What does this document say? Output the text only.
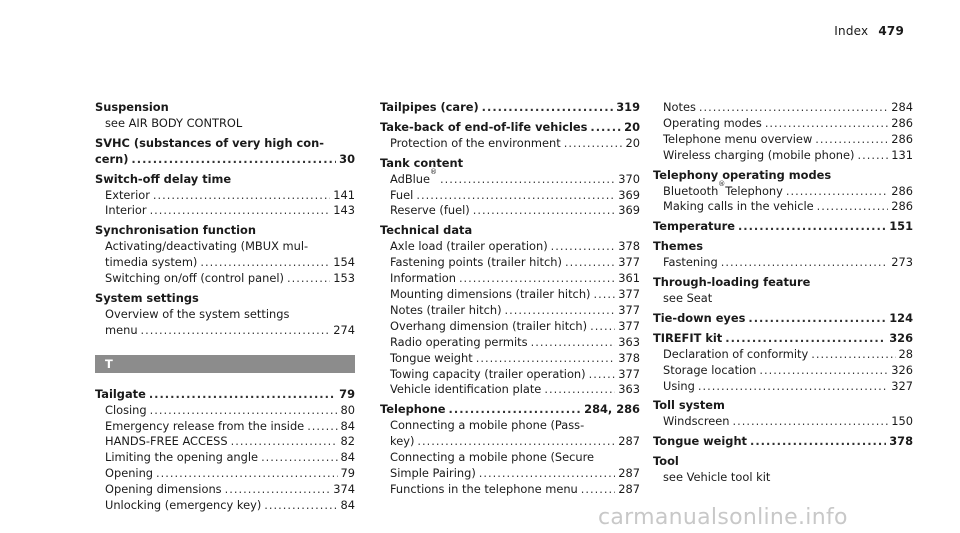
Index 479
Suspension
see AIR BODY CONTROL
SVHC (substances of very high con-
cern) .....	30
Switch-off delay time
Exterior .....	141
Interior .....	143
Synchronisation function
Activating/deactivating (MBUX mul-
timedia system) .....	154
Switching on/off (control panel) .....	153
System settings
Overview of the system settings
menu .....	274
T
Tailgate .....	79
Closing .....	80
Emergency release from the inside .....	84
HANDS-FREE ACCESS .....	82
Limiting the opening angle .....	84
Opening .....	79
Opening dimensions .....	374
Unlocking (emergency key) .....	84
Tailpipes (care) .....	319
Take-back of end-of-life vehicles .....	20
Protection of the environment .....	20
Tank content
AdBlue ® .....	370
Fuel .....	369
Reserve (fuel) .....	369
Technical data
Axle load (trailer operation) .....	378
Fastening points (trailer hitch) .....	377
Information .....	361
Mounting dimensions (trailer hitch) ..... 377
Notes (trailer hitch) .....	377
Overhang dimension (trailer hitch) .....	377
Radio operating permits .....	363
Tongue weight .....	378
Towing capacity (trailer operation) .....	377
Vehicle identification plate .....	363
Telephone .....	284, 286
Connecting a mobile phone (Pass-
key) .....	287
Connecting a mobile phone (Secure
Simple Pairing) .....	287
Functions in the telephone menu .....	287
Notes .....	284
Operating modes .....	286
Telephone menu overview .....	286
Wireless charging (mobile phone) .....	131
Telephony operating modes
Bluetooth ® Telephony .....	286
Making calls in the vehicle .....	286
Temperature .....	151
Themes
Fastening .....	273
Through-loading feature
see Seat
Tie-down eyes .....	124
TIREFIT kit .....	326
Declaration of conformity .....	28
Storage location .....	326
Using .....	327
Toll system
Windscreen .....	150
Tongue weight .....	378
Tool
see Vehicle tool kit
carmanualsonline.info
